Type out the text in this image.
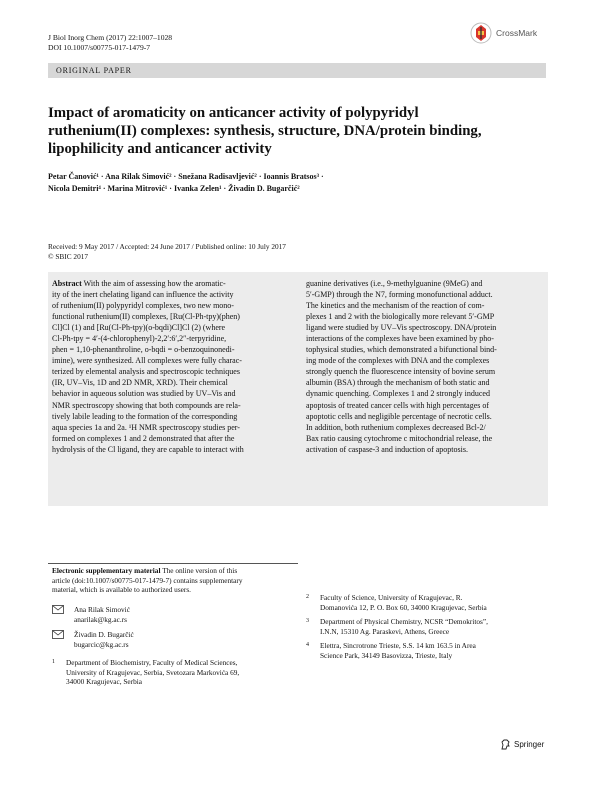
J Biol Inorg Chem (2017) 22:1007–1028
DOI 10.1007/s00775-017-1479-7
CrossMark
ORIGINAL PAPER
Impact of aromaticity on anticancer activity of polypyridyl ruthenium(II) complexes: synthesis, structure, DNA/protein binding, lipophilicity and anticancer activity
Petar Čanović¹ · Ana Rilak Simović² · Snežana Radisavljević² · Ioannis Bratsos³ ·
Nicola Demitri⁴ · Marina Mitrović¹ · Ivanka Zelen¹ · Živadin D. Bugarčić²
Received: 9 May 2017 / Accepted: 24 June 2017 / Published online: 10 July 2017
© SBIC 2017
Abstract With the aim of assessing how the aromatic-
ity of the inert chelating ligand can influence the activity
of ruthenium(II) polypyridyl complexes, two new mono-
functional ruthenium(II) complexes, [Ru(Cl-Ph-tpy)(phen)
Cl]Cl (1) and [Ru(Cl-Ph-tpy)(o-bqdi)Cl]Cl (2) (where
Cl-Ph-tpy = 4′-(4-chlorophenyl)-2,2′:6′,2″-terpyridine,
phen = 1,10-phenanthroline, o-bqdi = o-benzoquinonedi-
imine), were synthesized. All complexes were fully charac-
terized by elemental analysis and spectroscopic techniques
(IR, UV–Vis, 1D and 2D NMR, XRD). Their chemical
behavior in aqueous solution was studied by UV–Vis and
NMR spectroscopy showing that both compounds are rela-
tively labile leading to the formation of the corresponding
aqua species 1a and 2a. ¹H NMR spectroscopy studies per-
formed on complexes 1 and 2 demonstrated that after the
hydrolysis of the Cl ligand, they are capable to interact with
guanine derivatives (i.e., 9-methylguanine (9MeG) and
5′-GMP) through the N7, forming monofunctional adduct.
The kinetics and the mechanism of the reaction of com-
plexes 1 and 2 with the biologically more relevant 5′-GMP
ligand were studied by UV–Vis spectroscopy. DNA/protein
interactions of the complexes have been examined by pho-
tophysical studies, which demonstrated a bifunctional bind-
ing mode of the complexes with DNA and the complexes
strongly quench the fluorescence intensity of bovine serum
albumin (BSA) through the mechanism of both static and
dynamic quenching. Complexes 1 and 2 strongly induced
apoptosis of treated cancer cells with high percentages of
apoptotic cells and negligible percentage of necrotic cells.
In addition, both ruthenium complexes decreased Bcl-2/
Bax ratio causing cytochrome c mitochondrial release, the
activation of caspase-3 and induction of apoptosis.
Electronic supplementary material The online version of this
article (doi:10.1007/s00775-017-1479-7) contains supplementary
material, which is available to authorized users.
Ana Rilak Simović
anarilak@kg.ac.rs
Živadin D. Bugarčić
bugarcic@kg.ac.rs
1	Department of Biochemistry, Faculty of Medical Sciences,
University of Kragujevac, Serbia, Svetozara Markovića 69,
34000 Kragujevac, Serbia
2	Faculty of Science, University of Kragujevac, R.
Domanovića 12, P. O. Box 60, 34000 Kragujevac, Serbia
3	Department of Physical Chemistry, NCSR “Demokritos”,
I.N.N, 15310 Ag. Paraskevi, Athens, Greece
4	Elettra, Sincrotrone Trieste, S.S. 14 km 163.5 in Area
Science Park, 34149 Basovizza, Trieste, Italy
Springer
